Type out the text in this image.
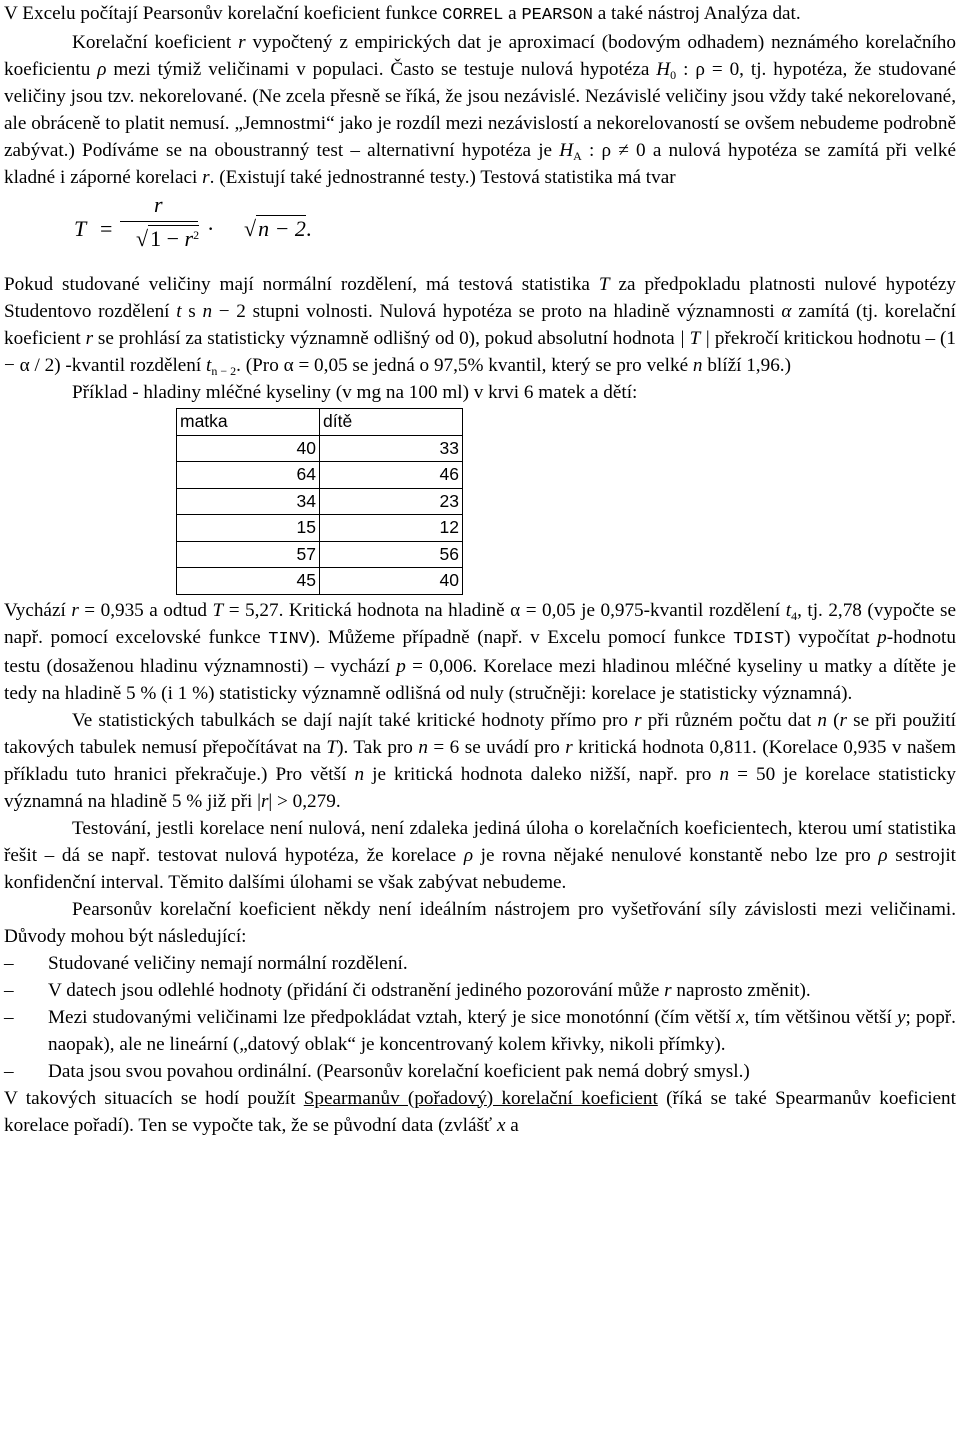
V Excelu počítají Pearsonův korelační koeficient funkce CORREL a PEARSON a také nástroj Analýza dat.

Korelační koeficient r vypočtený z empirických dat je aproximací (bodovým odhadem) neznámého korelačního koeficientu ρ mezi týmiž veličinami v populaci. Často se testuje nulová hypotéza $H_0$ : ρ = 0, tj. hypotéza, že studované veličiny jsou tzv. nekorelované. (Ne zcela přesně se říká, že jsou nezávislé. Nezávislé veličiny jsou vždy také nekorelované, ale obráceně to platit nemusí. „Jemnostmi“ jako je rozdíl mezi nezávislostí a nekorelovaností se ovšem nebudeme podrobně zabývat.) Podíváme se na oboustranný test – alternativní hypotéza je $H_A$ : ρ ≠ 0 a nulová hypotéza se zamítá při velké kladné i záporné korelaci r. (Existují také jednostranné testy.) Testová statistika má tvar

T =
r
$√1 - r^2 \cdot √n - 2$.

Pokud studované veličiny mají normální rozdělení, má testová statistika T za předpokladu platnosti nulové hypotézy Studentovo rozdělení t s n − 2 stupni volnosti. Nulová hypotéza se proto na hladině významnosti α zamítá (tj. korelační koeficient r se prohlásí za statisticky významně odlišný od 0), pokud absolutní hodnota | T | překročí kritickou hodnotu – (1 − α / 2) -kvantil rozdělení $t_{n - 2}$. (Pro α = 0,05 se jedná o 97,5% kvantil, který se pro velké n blíží 1,96.)

Příklad - hladiny mléčné kyseliny (v mg na 100 ml) v krvi 6 matek a dětí:

matka	dítě
40	33
64	46
34	23
15	12
57	56
45	40

Vychází r = 0,935 a odtud T = 5,27. Kritická hodnota na hladině α = 0,05 je 0,975-kvantil rozdělení $t_4$, tj. 2,78 (vypočte se např. pomocí excelovské funkce TINV). Můžeme případně (např. v Excelu pomocí funkce TDIST) vypočítat p-hodnotu testu (dosaženou hladinu významnosti) – vychází p = 0,006. Korelace mezi hladinou mléčné kyseliny u matky a dítěte je tedy na hladině 5 % (i 1 %) statisticky významně odlišná od nuly (stručněji: korelace je statisticky významná).

Ve statistických tabulkách se dají najít také kritické hodnoty přímo pro r při různém počtu dat n (r se při použití takových tabulek nemusí přepočítávat na T). Tak pro n = 6 se uvádí pro r kritická hodnota 0,811. (Korelace 0,935 v našem příkladu tuto hranici překračuje.) Pro větší n je kritická hodnota daleko nižší, např. pro n = 50 je korelace statisticky významná na hladině 5 % již při |r| > 0,279.

Testování, jestli korelace není nulová, není zdaleka jediná úloha o korelačních koeficientech, kterou umí statistika řešit – dá se např. testovat nulová hypotéza, že korelace ρ je rovna nějaké nenulové konstantě nebo lze pro ρ sestrojit konfidenční interval. Těmito dalšími úlohami se však zabývat nebudeme.

Pearsonův korelační koeficient někdy není ideálním nástrojem pro vyšetřování síly závislosti mezi veličinami. Důvody mohou být následující:

– Studované veličiny nemají normální rozdělení.
– V datech jsou odlehlé hodnoty (přidání či odstranění jediného pozorování může r naprosto změnit).
– Mezi studovanými veličinami lze předpokládat vztah, který je sice monotónní (čím větší x, tím většinou větší y; popř. naopak), ale ne lineární („datový oblak“ je koncentrovaný kolem křivky, nikoli přímky).
– Data jsou svou povahou ordinální. (Pearsonův korelační koeficient pak nemá dobrý smysl.)

V takových situacích se hodí použít Spearmanův (pořadový) korelační koeficient (říká se také Spearmanův koeficient korelace pořadí). Ten se vypočte tak, že se původní data (zvlášť x a
